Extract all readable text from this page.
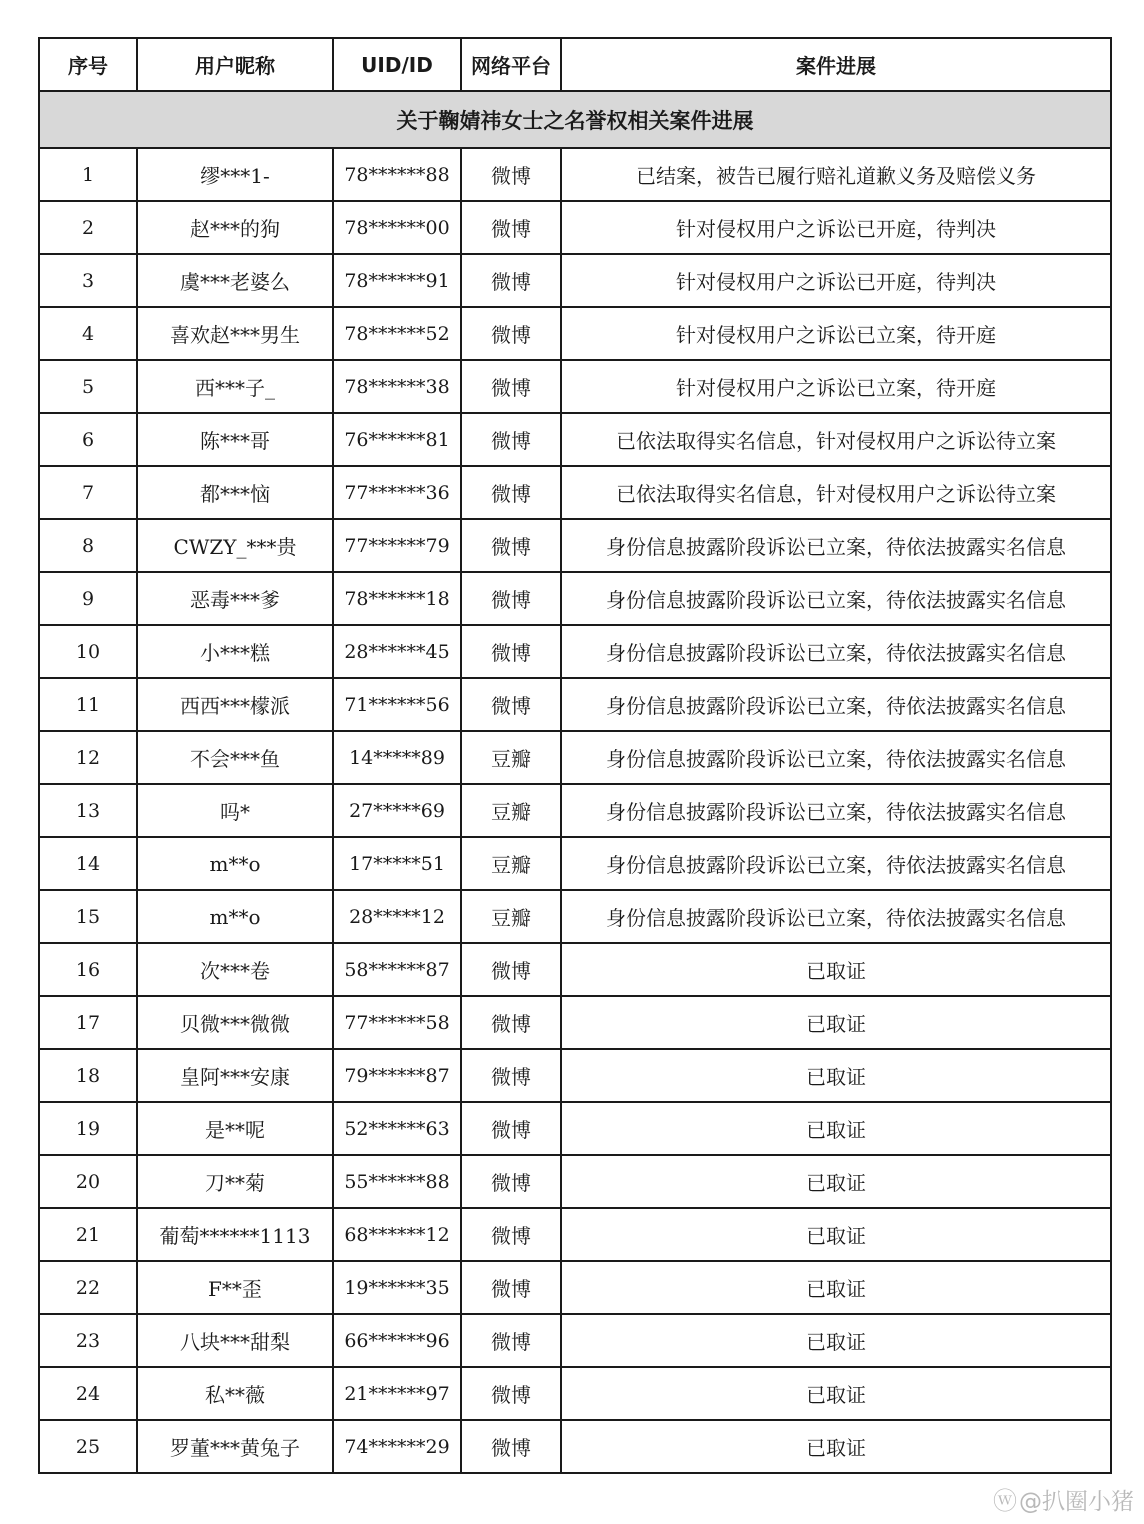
关于鞠婧祎女士之名誉权相关案件进展				
序号	用户昵称	UID/ID	网络平台	案件进展
1	缪***1-	78******88	微博	已结案，被告已履行赔礼道歉义务及赔偿义务
2	赵***的狗	78******00	微博	针对侵权用户之诉讼已开庭，待判决
3	虞***老婆么	78******91	微博	针对侵权用户之诉讼已开庭，待判决
4	喜欢赵***男生	78******52	微博	针对侵权用户之诉讼已立案，待开庭
5	西***子_	78******38	微博	针对侵权用户之诉讼已立案，待开庭
6	陈***哥	76******81	微博	已依法取得实名信息，针对侵权用户之诉讼待立案
7	都***恼	77******36	微博	已依法取得实名信息，针对侵权用户之诉讼待立案
8	CWZY_***贵	77******79	微博	身份信息披露阶段诉讼已立案，待依法披露实名信息
9	恶毒***爹	78******18	微博	身份信息披露阶段诉讼已立案，待依法披露实名信息
10	小***糕	28******45	微博	身份信息披露阶段诉讼已立案，待依法披露实名信息
11	西西***檬派	71******56	微博	身份信息披露阶段诉讼已立案，待依法披露实名信息
12	不会***鱼	14*****89	豆瓣	身份信息披露阶段诉讼已立案，待依法披露实名信息
13	吗*	27*****69	豆瓣	身份信息披露阶段诉讼已立案，待依法披露实名信息
14	m**o	17*****51	豆瓣	身份信息披露阶段诉讼已立案，待依法披露实名信息
15	m**o	28*****12	豆瓣	身份信息披露阶段诉讼已立案，待依法披露实名信息
16	次***卷	58******87	微博	已取证
17	贝微***微微	77******58	微博	已取证
18	皇阿***安康	79******87	微博	已取证
19	是**呢	52******63	微博	已取证
20	刀**菊	55******88	微博	已取证
21	葡萄******1113	68******12	微博	已取证
22	F**歪	19******35	微博	已取证
23	八块***甜梨	66******96	微博	已取证
24	私**薇	21******97	微博	已取证
25	罗董***黄兔子	74******29	微博	已取证
ⓦ@扒圈小猪
